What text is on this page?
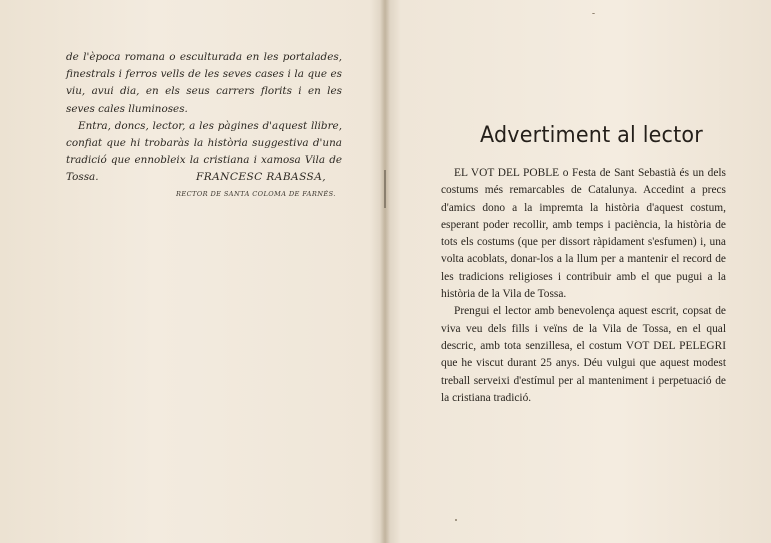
de l'època romana o esculturada en les portalades, finestrals i ferros vells de les seves cases i la que es viu, avui dia, en els seus carrers florits i en les seves cales lluminoses.

Entra, doncs, lector, a les pàgines d'aquest llibre, confiat que hi trobaràs la història suggestiva d'una tradició que ennobleix la cristiana i xamosa Vila de Tossa.	FRANCESC RABASSA,
RECTOR DE SANTA COLOMA DE FARNÉS.
Advertiment al lector

EL VOT DEL POBLE o Festa de Sant Sebastià és un dels costums més remarcables de Catalunya. Accedint a precs d'amics dono a la impremta la història d'aquest costum, esperant poder recollir, amb temps i paciència, la història de tots els costums (que per dissort ràpidament s'esfumen) i, una volta acoblats, donar-los a la llum per a mantenir el record de les tradicions religioses i contribuir amb el que pugui a la història de la Vila de Tossa.

Prengui el lector amb benevolença aquest escrit, copsat de viva veu dels fills i veïns de la Vila de Tossa, en el qual descric, amb tota senzillesa, el costum VOT DEL PELEGRI que he viscut durant 25 anys. Déu vulgui que aquest modest treball serveixi d'estímul per al manteniment i perpetuació de la cristiana tradició.
